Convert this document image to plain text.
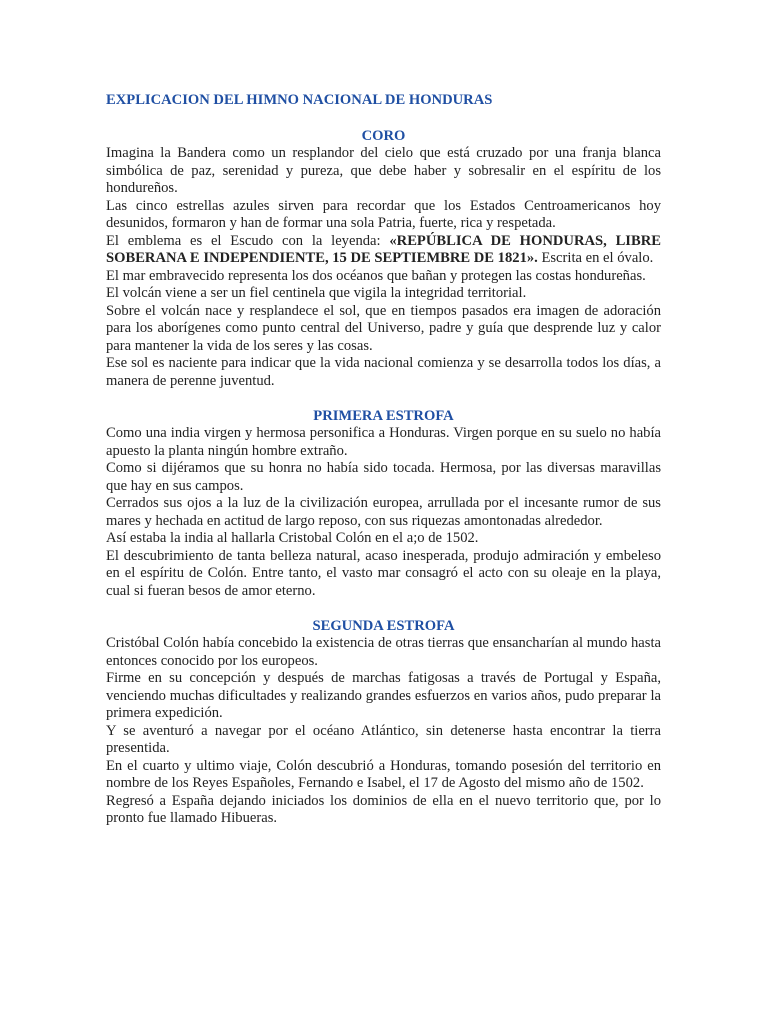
EXPLICACION DEL HIMNO NACIONAL DE HONDURAS
CORO

Imagina la Bandera como un resplandor del cielo que está cruzado por una franja blanca simbólica de paz, serenidad y pureza, que debe haber y sobresalir en el espíritu de los hondureños.

Las cinco estrellas azules sirven para recordar que los Estados Centroamericanos hoy desunidos, formaron y han de formar una sola Patria, fuerte, rica y respetada.

El emblema es el Escudo con la leyenda: «REPÚBLICA DE HONDURAS, LIBRE SOBERANA E INDEPENDIENTE, 15 DE SEPTIEMBRE DE 1821». Escrita en el óvalo.

El mar embravecido representa los dos océanos que bañan y protegen las costas hondureñas.

El volcán viene a ser un fiel centinela que vigila la integridad territorial.

Sobre el volcán nace y resplandece el sol, que en tiempos pasados era imagen de adoración para los aborígenes como punto central del Universo, padre y guía que desprende luz y calor para mantener la vida de los seres y las cosas.

Ese sol es naciente para indicar que la vida nacional comienza y se desarrolla todos los días, a manera de perenne juventud.

PRIMERA ESTROFA

Como una india virgen y hermosa personifica a Honduras. Virgen porque en su suelo no había apuesto la planta ningún hombre extraño.

Como si dijéramos que su honra no había sido tocada. Hermosa, por las diversas maravillas que hay en sus campos.

Cerrados sus ojos a la luz de la civilización europea, arrullada por el incesante rumor de sus mares y hechada en actitud de largo reposo, con sus riquezas amontonadas alrededor.

Así estaba la india al hallarla Cristobal Colón en el a;o de 1502.

El descubrimiento de tanta belleza natural, acaso inesperada, produjo admiración y embeleso en el espíritu de Colón. Entre tanto, el vasto mar consagró el acto con su oleaje en la playa, cual si fueran besos de amor eterno.

SEGUNDA ESTROFA

Cristóbal Colón había concebido la existencia de otras tierras que ensancharían al mundo hasta entonces conocido por los europeos.

Firme en su concepción y después de marchas fatigosas a través de Portugal y España, venciendo muchas dificultades y realizando grandes esfuerzos en varios años, pudo preparar la primera expedición.

Y se aventuró a navegar por el océano Atlántico, sin detenerse hasta encontrar la tierra presentida.

En el cuarto y ultimo viaje, Colón descubrió a Honduras, tomando posesión del territorio en nombre de los Reyes Españoles, Fernando e Isabel, el 17 de Agosto del mismo año de 1502.

Regresó a España dejando iniciados los dominios de ella en el nuevo territorio que, por lo pronto fue llamado Hibueras.
